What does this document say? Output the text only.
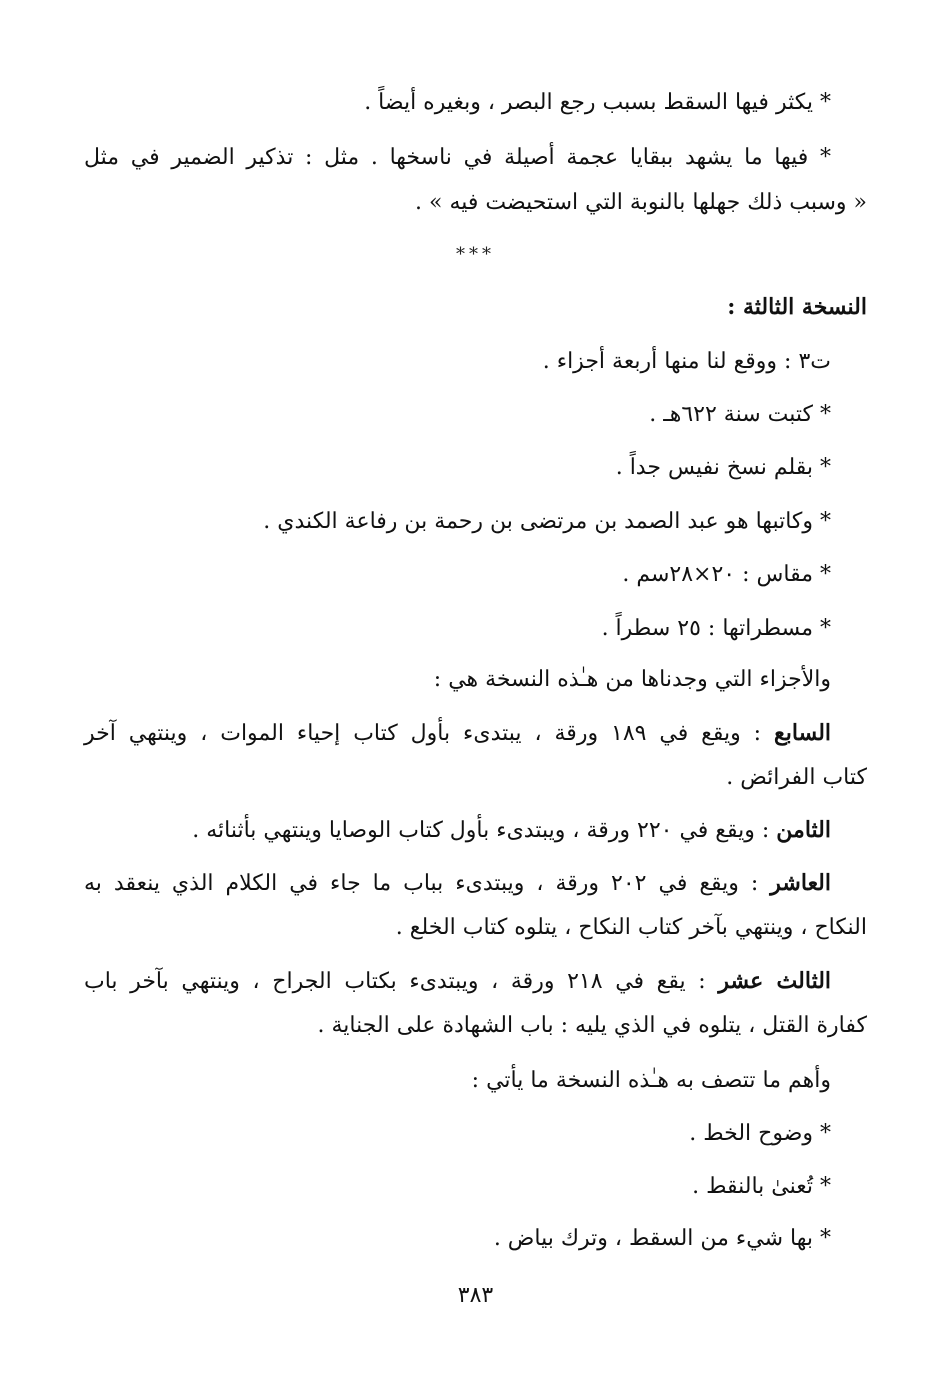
* يكثر فيها السقط بسبب رجع البصر ، وبغيره أيضاً .
* فيها ما يشهد ببقايا عجمة أصيلة في ناسخها . مثل : تذكير الضمير في مثل
« وسبب ذلك جهلها بالنوبة التي استحيضت فيه » .
***
النسخة الثالثة :
ت٣ : ووقع لنا منها أربعة أجزاء .
* كتبت سنة ٦٢٢هـ .
* بقلم نسخ نفيس جداً .
* وكاتبها هو عبد الصمد بن مرتضى بن رحمة بن رفاعة الكندي .
* مقاس : ٢٠×٢٨سم .
* مسطراتها : ٢٥ سطراً .
والأجزاء التي وجدناها من هـٰذه النسخة هي :
السابع : ويقع في ١٨٩ ورقة ، يبتدىء بأول كتاب إحياء الموات ، وينتهي آخر
كتاب الفرائض .
الثامن : ويقع في ٢٢٠ ورقة ، ويبتدىء بأول كتاب الوصايا وينتهي بأثنائه .
العاشر : ويقع في ٢٠٢ ورقة ، ويبتدىء بباب ما جاء في الكلام الذي ينعقد به
النكاح ، وينتهي بآخر كتاب النكاح ، يتلوه كتاب الخلع .
الثالث عشر : يقع في ٢١٨ ورقة ، ويبتدىء بكتاب الجراح ، وينتهي بآخر باب
كفارة القتل ، يتلوه في الذي يليه : باب الشهادة على الجناية .
وأهم ما تتصف به هـٰذه النسخة ما يأتي :
* وضوح الخط .
* تُعنىٰ بالنقط .
* بها شيء من السقط ، وترك بياض .
٣٨٣
